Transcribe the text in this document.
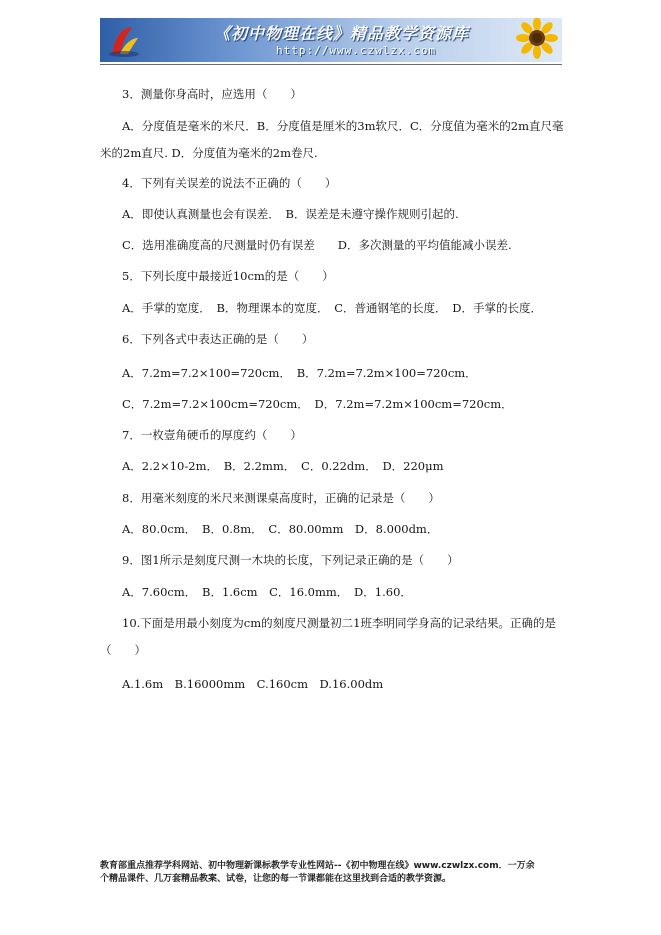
《初中物理在线》精品教学资源库
http://www.czwlzx.com
3．测量你身高时，应选用（　　）
A．分度值是毫米的米尺．B．分度值是厘米的3m软尺．C．分度值为毫米的2m直尺毫
米的2m直尺. D．分度值为毫米的2m卷尺.
4．下列有关误差的说法不正确的（　　）
A．即使认真测量也会有误差．　B．误差是未遵守操作规则引起的.
C．选用准确度高的尺测量时仍有误差　　D．多次测量的平均值能减小误差.
5．下列长度中最接近10cm的是（　　）
A．手掌的宽度．　B．物理课本的宽度．　C．普通钢笔的长度．　D．手掌的长度．
6．下列各式中表达正确的是（　　）
A．7.2m=7.2×100=720cm．　B．7.2m=7.2m×100=720cm．
C．7.2m=7.2×100cm=720cm．　D．7.2m=7.2m×100cm=720cm．
7．一枚壹角硬币的厚度约（　　）
A．2.2×10-2m．　B．2.2mm．　C．0.22dm．　D．220μm
8．用毫米刻度的米尺来测课桌高度时，正确的记录是（　　）
A．80.0cm．　B．0.8m．　C．80.00mm　D．8.000dm．
9．图1所示是刻度尺测一木块的长度，下列记录正确的是（　　）
A．7.60cm．　B．1.6cm　C．16.0mm．　D．1.60．
10.下面是用最小刻度为cm的刻度尺测量初二1班李明同学身高的记录结果。正确的是
（　　）
A.1.6m　B.16000mm　C.160cm　D.16.00dm
教育部重点推荐学科网站、初中物理新课标教学专业性网站--《初中物理在线》www.czwlzx.com．一万余
个精品课件、几万套精品教案、试卷，让您的每一节课都能在这里找到合适的教学资源。
